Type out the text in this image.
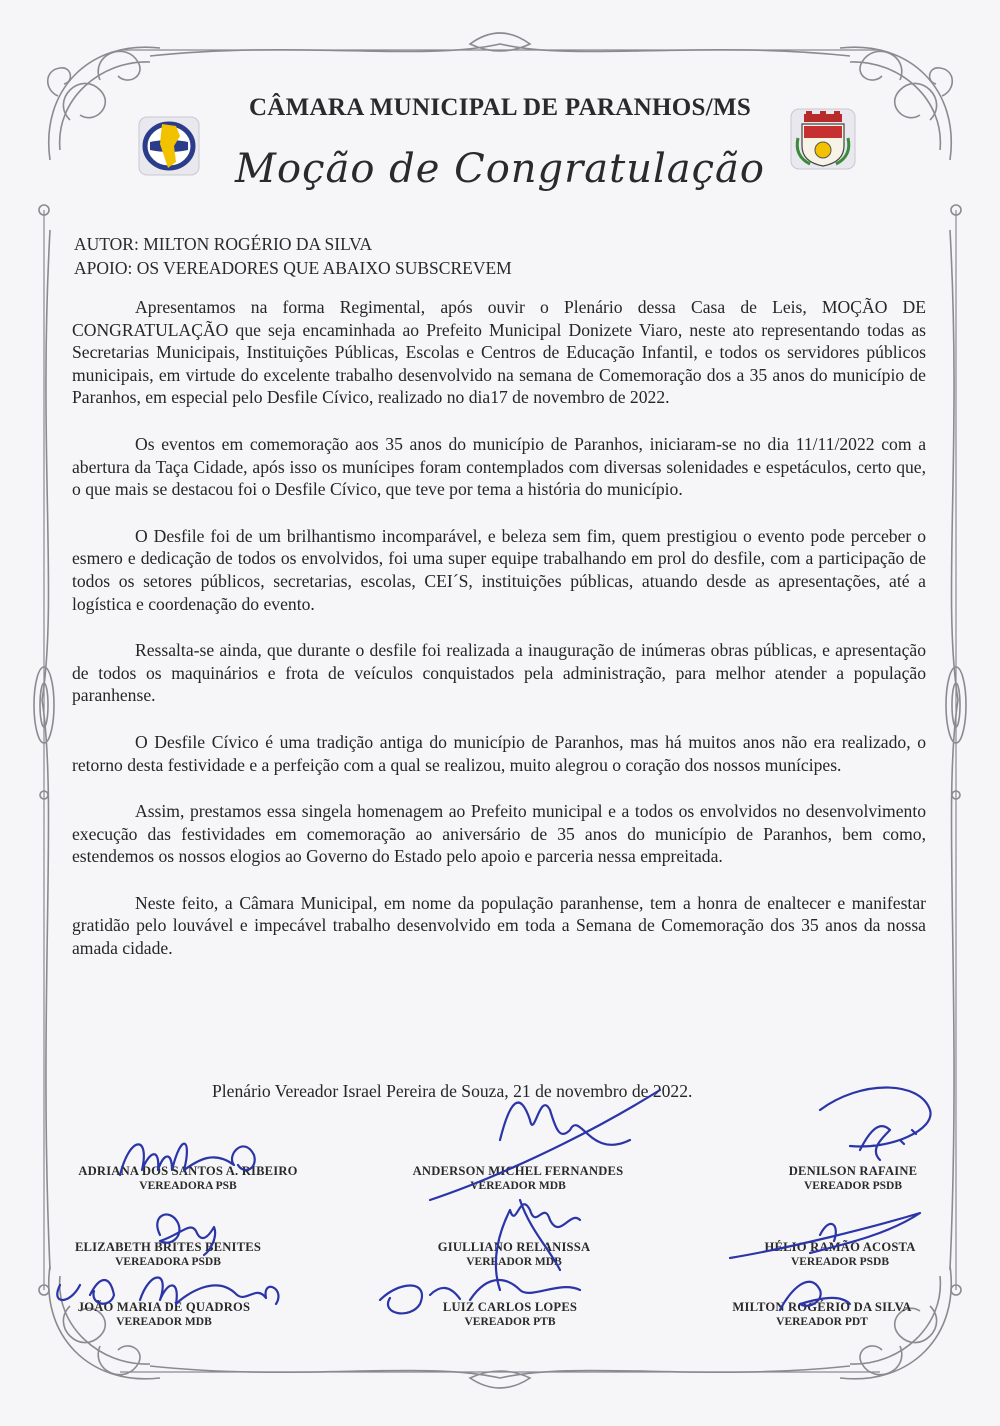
CÂMARA MUNICIPAL DE PARANHOS/MS
Moção de Congratulação
AUTOR: MILTON ROGÉRIO DA SILVA
APOIO: OS VEREADORES QUE ABAIXO SUBSCREVEM

Apresentamos na forma Regimental, após ouvir o Plenário dessa Casa de Leis, MOÇÃO DE CONGRATULAÇÃO que seja encaminhada ao Prefeito Municipal Donizete Viaro, neste ato representando todas as Secretarias Municipais, Instituições Públicas, Escolas e Centros de Educação Infantil, e todos os servidores públicos municipais, em virtude do excelente trabalho desenvolvido na semana de Comemoração dos a 35 anos do município de Paranhos, em especial pelo Desfile Cívico, realizado no dia17 de novembro de 2022.

Os eventos em comemoração aos 35 anos do município de Paranhos, iniciaram-se no dia 11/11/2022 com a abertura da Taça Cidade, após isso os munícipes foram contemplados com diversas solenidades e espetáculos, certo que, o que mais se destacou foi o Desfile Cívico, que teve por tema a história do município.

O Desfile foi de um brilhantismo incomparável, e beleza sem fim, quem prestigiou o evento pode perceber o esmero e dedicação de todos os envolvidos, foi uma super equipe trabalhando em prol do desfile, com a participação de todos os setores públicos, secretarias, escolas, CEI´S, instituições públicas, atuando desde as apresentações, até a logística e coordenação do evento.

Ressalta-se ainda, que durante o desfile foi realizada a inauguração de inúmeras obras públicas, e apresentação de todos os maquinários e frota de veículos conquistados pela administração, para melhor atender a população paranhense.

O Desfile Cívico é uma tradição antiga do município de Paranhos, mas há muitos anos não era realizado, o retorno desta festividade e a perfeição com a qual se realizou, muito alegrou o coração dos nossos munícipes.

Assim, prestamos essa singela homenagem ao Prefeito municipal e a todos os envolvidos no desenvolvimento execução das festividades em comemoração ao aniversário de 35 anos do município de Paranhos, bem como, estendemos os nossos elogios ao Governo do Estado pelo apoio e parceria nessa empreitada.

Neste feito, a Câmara Municipal, em nome da população paranhense, tem a honra de enaltecer e manifestar gratidão pelo louvável e impecável trabalho desenvolvido em toda a Semana de Comemoração dos 35 anos da nossa amada cidade.

Plenário Vereador Israel Pereira de Souza, 21 de novembro de 2022.
ADRIANA DOS SANTOS A. RIBEIRO
VEREADORA PSB
ANDERSON MICHEL FERNANDES
VEREADOR MDB
DENILSON RAFAINE
VEREADOR PSDB
ELIZABETH BRITES BENITES
VEREADORA PSDB
GIULLIANO RELANISSA
VEREADOR MDB
HÉLIO RAMÃO ACOSTA
VEREADOR PSDB
JOÃO MARIA DE QUADROS
VEREADOR MDB
LUIZ CARLOS LOPES
VEREADOR PTB
MILTON ROGÉRIO DA SILVA
VEREADOR PDT
